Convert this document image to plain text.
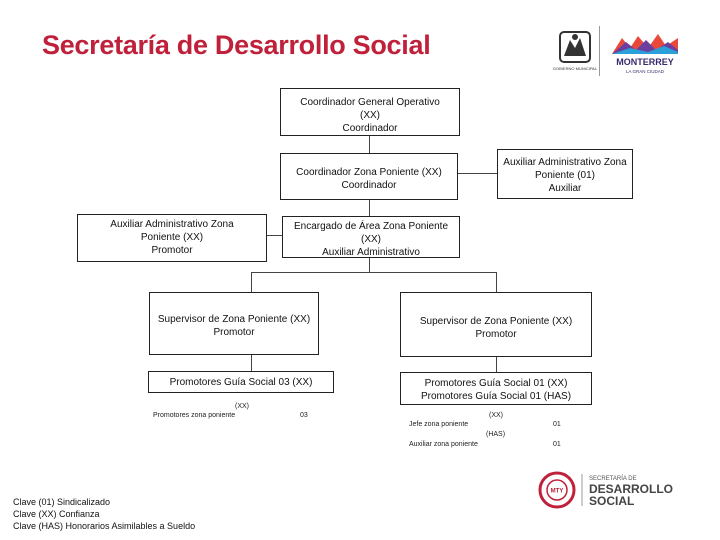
Secretaría de Desarrollo Social
GOBIERNO MUNICIPAL
MONTERREY
LA GRAN CIUDAD
Coordinador General Operativo
(XX)
Coordinador
Coordinador Zona Poniente (XX)
Coordinador
Auxiliar Administrativo Zona
Poniente (01)
Auxiliar
Auxiliar Administrativo Zona
Poniente (XX)
Promotor
Encargado de Área Zona Poniente
(XX)
Auxiliar Administrativo
Supervisor de Zona Poniente (XX)
Promotor
Supervisor de Zona Poniente (XX)
Promotor
Promotores Guía Social 03 (XX)
(XX)
Promotores zona poniente	03
Promotores Guía Social 01 (XX)
Promotores Guía Social 01 (HAS)
(XX)
Jefe zona poniente	01
(HAS)
Auxiliar zona poniente	01
Clave (01) Sindicalizado
Clave (XX) Confianza
Clave (HAS) Honorarios Asimilables a Sueldo
MTY
SECRETARÍA DE
DESARROLLO
SOCIAL
